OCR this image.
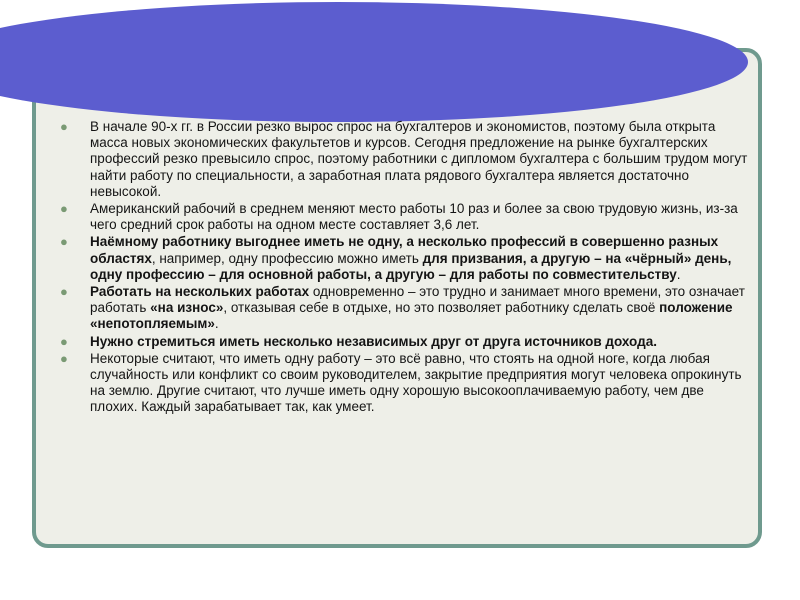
● В начале 90-х гг. в России резко вырос спрос на бухгалтеров и экономистов, поэтому была открыта масса новых экономических факультетов и курсов. Сегодня предложение на рынке бухгалтерских профессий резко превысило спрос, поэтому работники с дипломом бухгалтера с большим трудом могут найти работу по специальности, а заработная плата рядового бухгалтера является достаточно невысокой.
● Американский рабочий в среднем меняют место работы 10 раз и более за свою трудовую жизнь, из-за чего средний срок работы на одном месте составляет 3,6 лет.
● Наёмному работнику выгоднее иметь не одну, а несколько профессий в совершенно разных областях, например, одну профессию можно иметь для призвания, а другую – на «чёрный» день, одну профессию – для основной работы, а другую – для работы по совместительству.
● Работать на нескольких работах одновременно – это трудно и занимает много времени, это означает работать «на износ», отказывая себе в отдыхе, но это позволяет работнику сделать своё положение «непотопляемым».
● Нужно стремиться иметь несколько независимых друг от друга источников дохода.
● Некоторые считают, что иметь одну работу – это всё равно, что стоять на одной ноге, когда любая случайность или конфликт со своим руководителем, закрытие предприятия могут человека опрокинуть на землю. Другие считают, что лучше иметь одну хорошую высокооплачиваемую работу, чем две плохих. Каждый зарабатывает так, как умеет.
